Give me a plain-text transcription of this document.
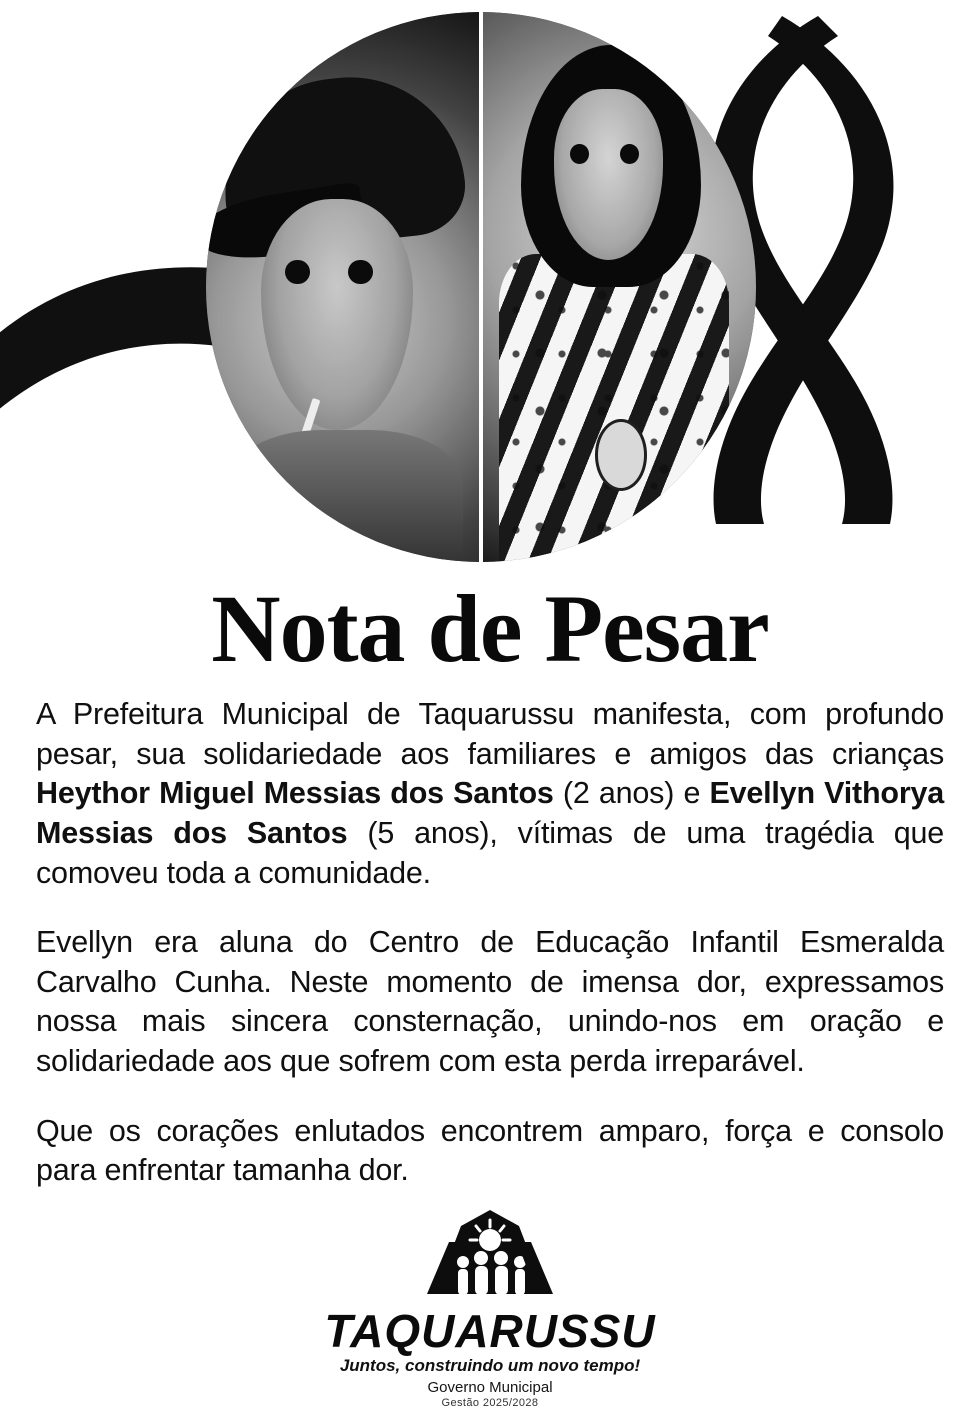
Nota de Pesar

A Prefeitura Municipal de Taquarussu manifesta, com profundo pesar, sua solidariedade aos familiares e amigos das crianças Heythor Miguel Messias dos Santos (2 anos) e Evellyn Vithorya Messias dos Santos (5 anos), vítimas de uma tragédia que comoveu toda a comunidade.

Evellyn era aluna do Centro de Educação Infantil Esmeralda Carvalho Cunha. Neste momento de imensa dor, expressamos nossa mais sincera consternação, unindo-nos em oração e solidariedade aos que sofrem com esta perda irreparável.

Que os corações enlutados encontrem amparo, força e consolo para enfrentar tamanha dor.

TAQUARUSSU
Juntos, construindo um novo tempo!
Governo Municipal
Gestão 2025/2028
